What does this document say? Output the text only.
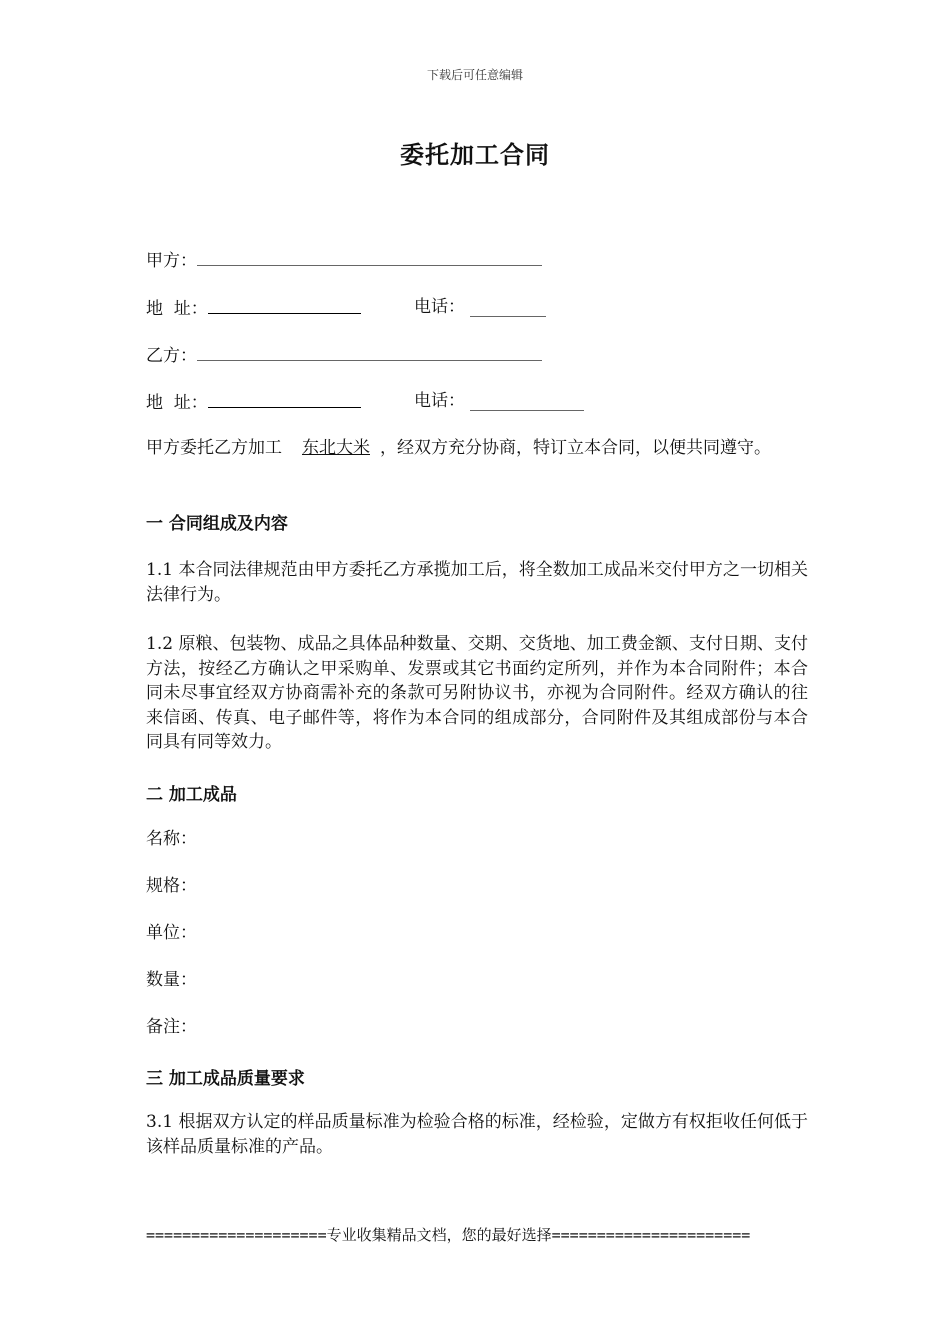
下载后可任意编辑
委托加工合同
甲方：
地  址：	电话：
乙方：
地  址：	电话：
甲方委托乙方加工 东北大米 ，经双方充分协商，特订立本合同，以便共同遵守。
一 合同组成及内容
1.1 本合同法律规范由甲方委托乙方承揽加工后，将全数加工成品米交付甲方之一切相关法律行为。
1.2 原粮、包装物、成品之具体品种数量、交期、交货地、加工费金额、支付日期、支付方法，按经乙方确认之甲采购单、发票或其它书面约定所列，并作为本合同附件；本合同未尽事宜经双方协商需补充的条款可另附协议书，亦视为合同附件。经双方确认的往来信函、传真、电子邮件等，将作为本合同的组成部分，合同附件及其组成部份与本合同具有同等效力。
二 加工成品
名称：
规格：
单位：
数量：
备注：
三 加工成品质量要求
3.1 根据双方认定的样品质量标准为检验合格的标准，经检验，定做方有权拒收任何低于该样品质量标准的产品。
====================专业收集精品文档，您的最好选择======================
